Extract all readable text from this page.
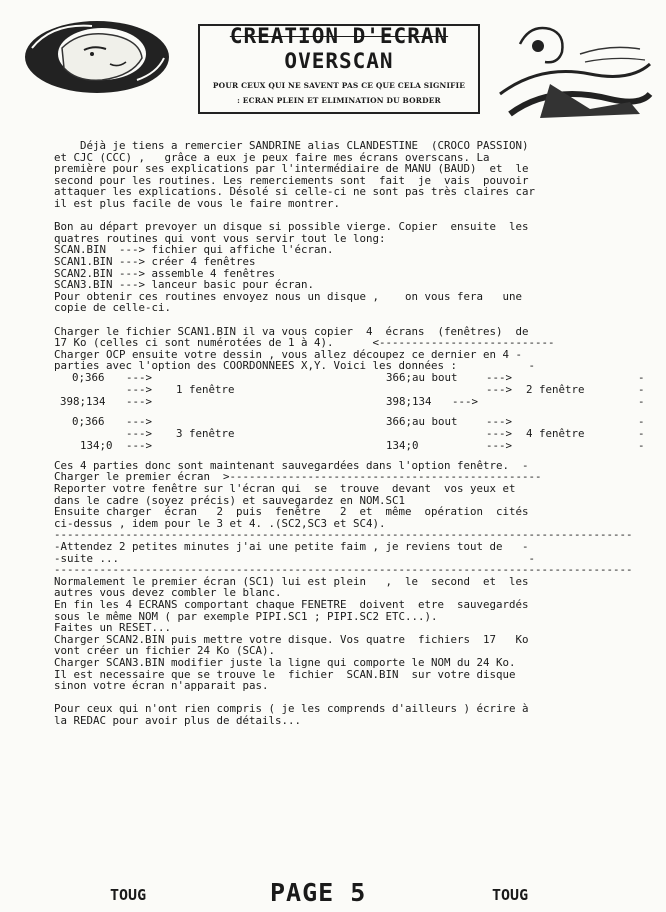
CREATION D'ECRAN
OVERSCAN
POUR CEUX QUI NE SAVENT PAS CE QUE CELA SIGNIFIE
: ECRAN PLEIN ET ELIMINATION DU BORDER
Déjà je tiens a remercier SANDRINE alias CLANDESTINE  (CROCO PASSION)
et CJC (CCC) ,   grâce a eux je peux faire mes écrans overscans. La
première pour ses explications par l'intermédiaire de MANU (BAUD)  et  le
second pour les routines. Les remerciements sont  fait  je  vais  pouvoir
attaquer les explications. Désolé si celle-ci ne sont pas très claires car
il est plus facile de vous le faire montrer.
Bon au départ prevoyer un disque si possible vierge. Copier  ensuite  les
quatres routines qui vont vous servir tout le long:
SCAN.BIN  ---> fichier qui affiche l'écran.
SCAN1.BIN ---> créer 4 fenêtres
SCAN2.BIN ---> assemble 4 fenêtres
SCAN3.BIN ---> lanceur basic pour écran.
Pour obtenir ces routines envoyez nous un disque ,    on vous fera   une
copie de celle-ci.
Charger le fichier SCAN1.BIN il va vous copier  4  écrans  (fenêtres)  de
17 Ko (celles ci sont numérotées de 1 à 4).      <---------------------------
Charger OCP ensuite votre dessin , vous allez découpez ce dernier en 4 -
parties avec l'option des COORDONNEES X,Y. Voici les données :           -
0;366 --->	366;au bout	--->	-
---> 1 fenêtre	---> 2 fenêtre	-
398;134 --->	398;134 --->	-
0;366 --->	366;au bout	--->	-
---> 3 fenêtre	---> 4 fenêtre	-
134;0 --->	134;0	--->	-
Ces 4 parties donc sont maintenant sauvegardées dans l'option fenêtre.  -
Charger le premier écran  >------------------------------------------------
Reporter votre fenêtre sur l'écran qui  se  trouve  devant  vos yeux et
dans le cadre (soyez précis) et sauvegardez en NOM.SC1
Ensuite charger  écran   2  puis  fenêtre   2  et  même  opération  cités
ci-dessus , idem pour le 3 et 4. .(SC2,SC3 et SC4).
-----------------------------------------------------------------------------------------
-Attendez 2 petites minutes j'ai une petite faim , je reviens tout de   -
-suite ...                                                               -
-----------------------------------------------------------------------------------------
Normalement le premier écran (SC1) lui est plein   ,  le  second  et  les
autres vous devez combler le blanc.
En fin les 4 ECRANS comportant chaque FENETRE  doivent  etre  sauvegardés
sous le même NOM ( par exemple PIPI.SC1 ; PIPI.SC2 ETC...).
Faites un RESET...
Charger SCAN2.BIN puis mettre votre disque. Vos quatre  fichiers  17   Ko
vont créer un fichier 24 Ko (SCA).
Charger SCAN3.BIN modifier juste la ligne qui comporte le NOM du 24 Ko.
Il est necessaire que se trouve le  fichier  SCAN.BIN  sur votre disque
sinon votre écran n'apparait pas.
Pour ceux qui n'ont rien compris ( je les comprends d'ailleurs ) écrire à
la REDAC pour avoir plus de détails...
TOUG	PAGE 5	TOUG
